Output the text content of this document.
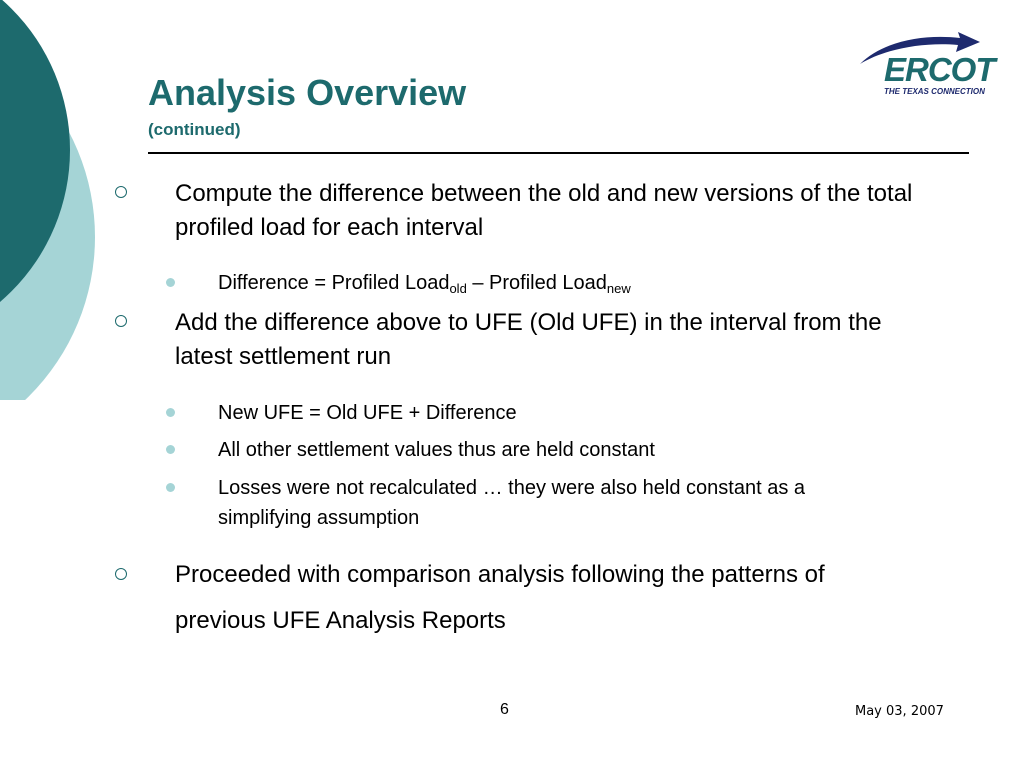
ERCOT
THE TEXAS CONNECTION
Analysis Overview
(continued)
Compute the difference between the old and new versions of the total profiled load for each interval
Difference = Profiled Load$_{old}$ – Profiled Load$_{new}$
Add the difference above to UFE (Old UFE) in the interval from the latest settlement run
New UFE = Old UFE + Difference
All other settlement values thus are held constant
Losses were not recalculated … they were also held constant as a simplifying assumption
Proceeded with comparison analysis following the patterns of previous UFE Analysis Reports
6	May 03, 2007
